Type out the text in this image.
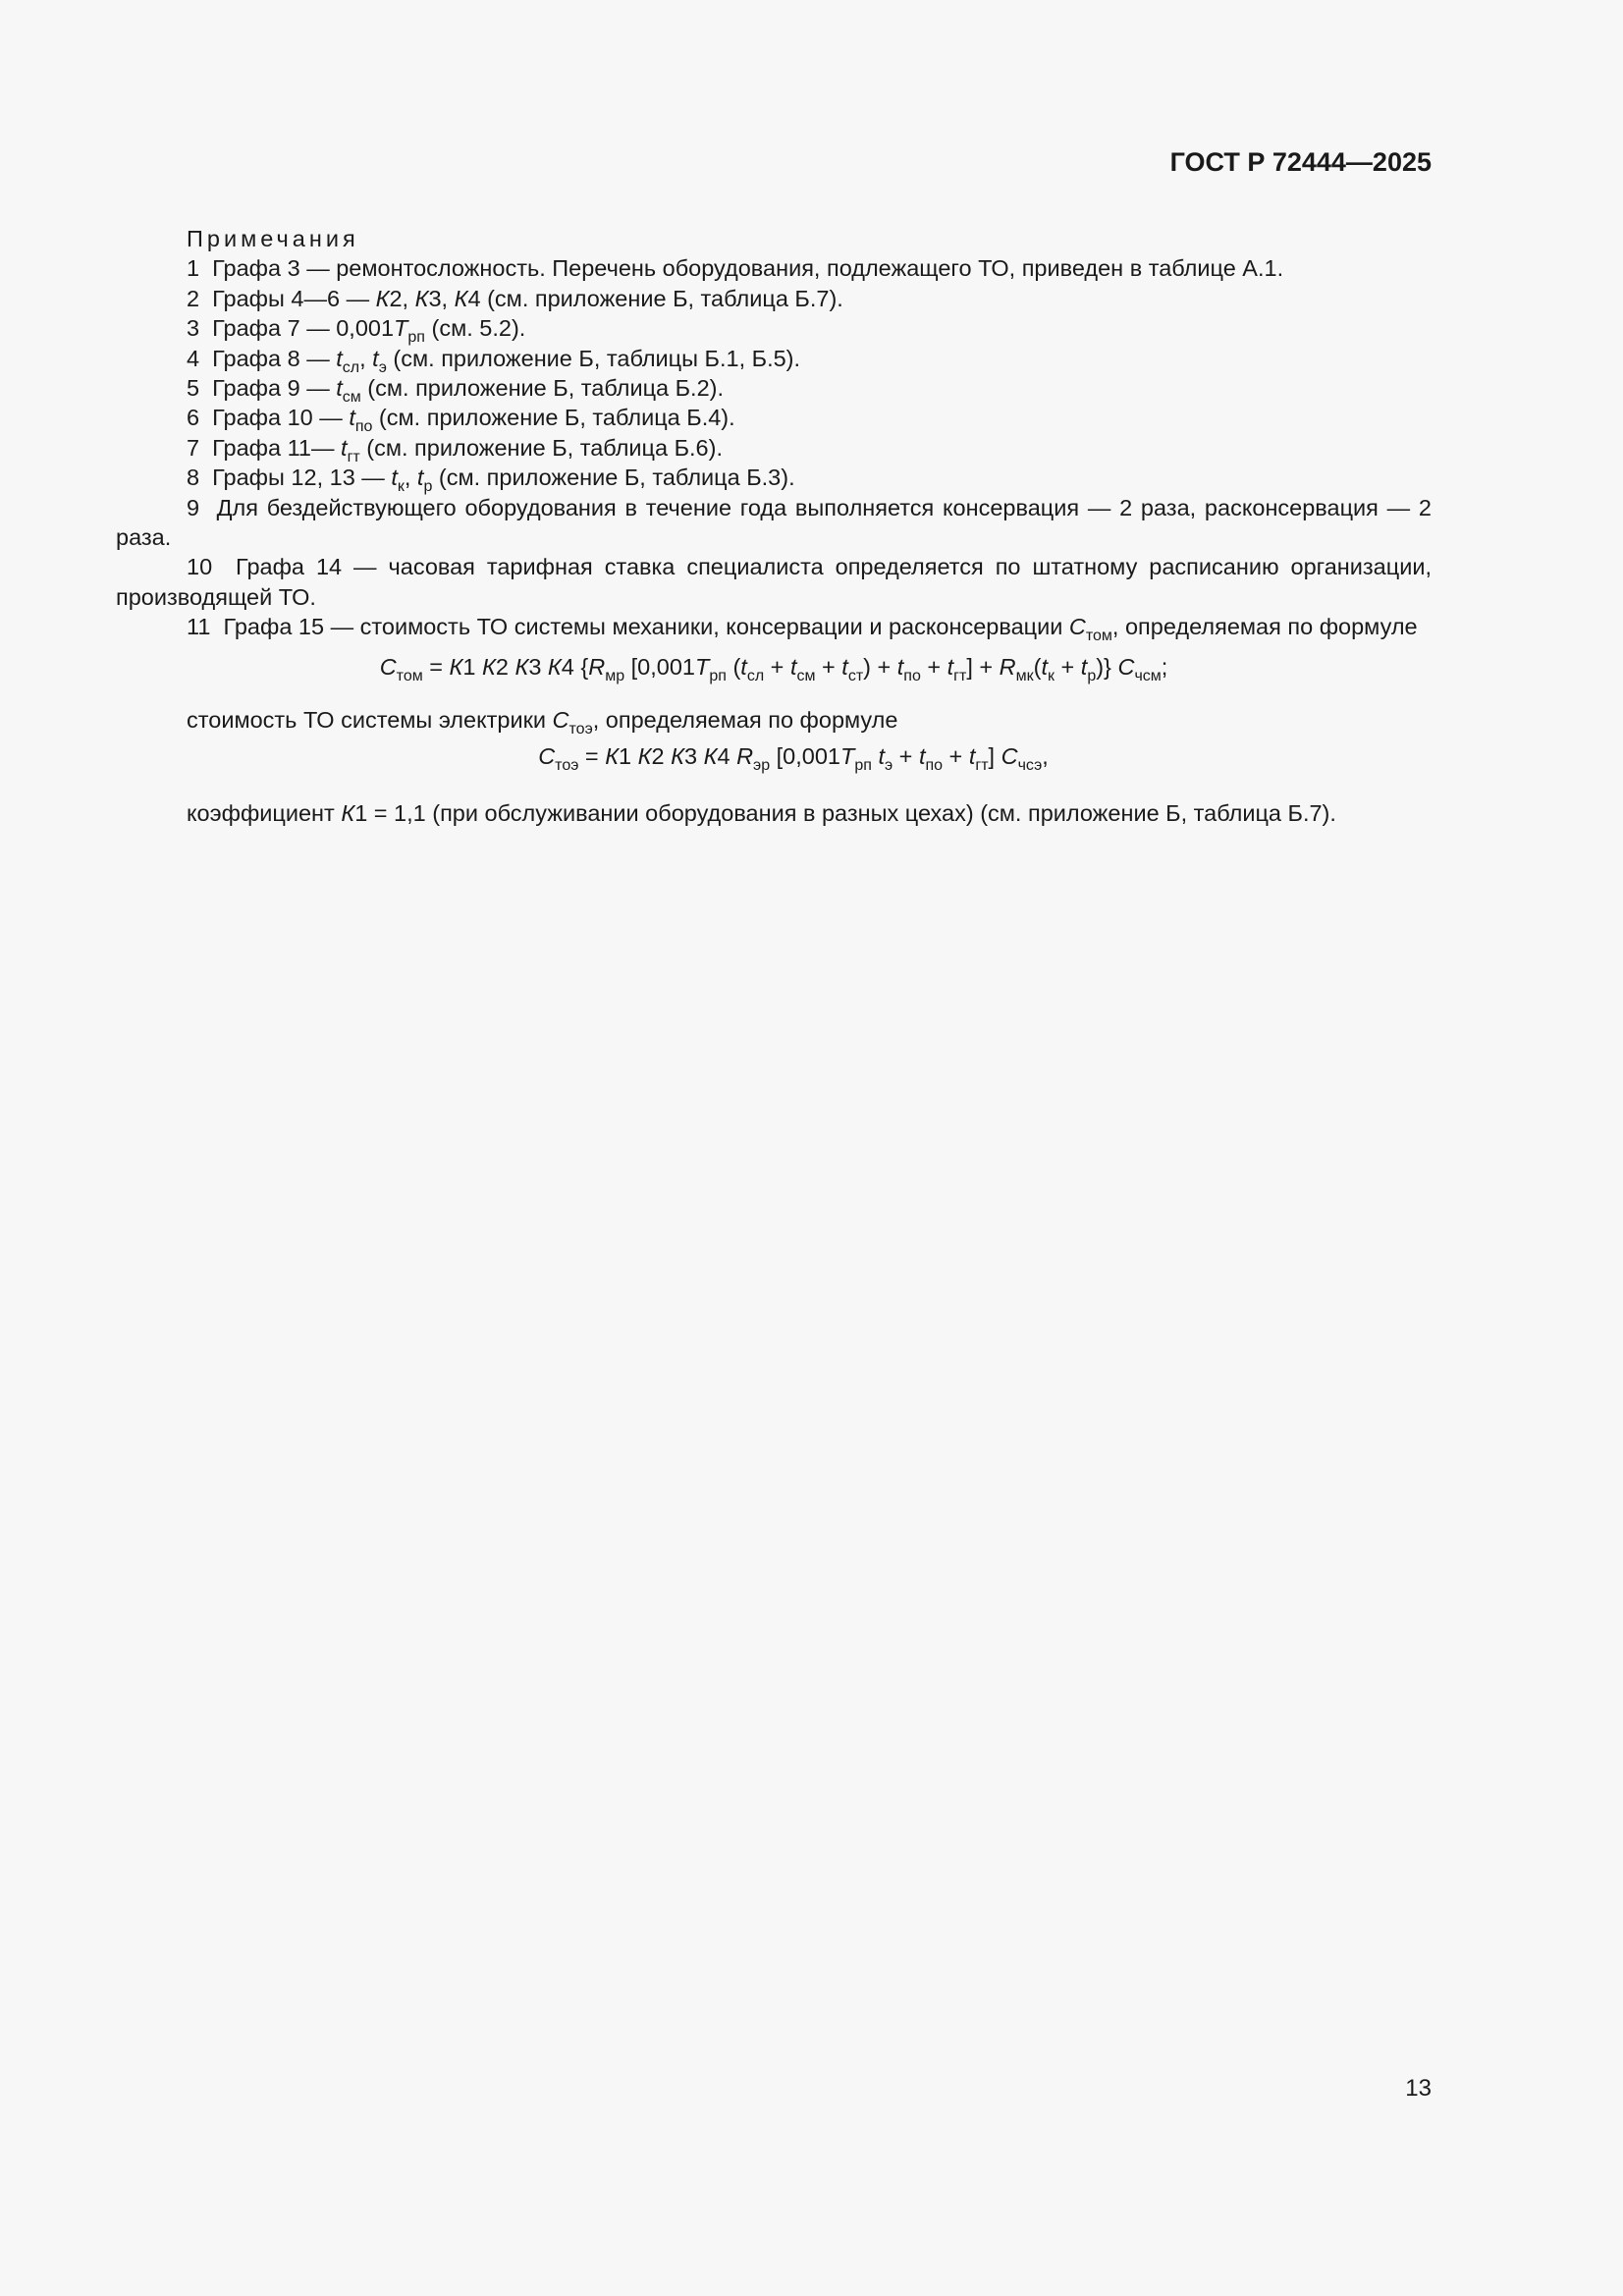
ГОСТ Р 72444—2025

Примечания

1  Графа 3 — ремонтосложность. Перечень оборудования, подлежащего ТО, приведен в таблице А.1.

2  Графы 4—6 — К2, К3, К4 (см. приложение Б, таблица Б.7).

3  Графа 7 — $0,001Т_{рп}$ (см. 5.2).

4  Графа 8 — $t_{сл}$, $t_э$ (см. приложение Б, таблицы Б.1, Б.5).

5  Графа 9 — $t_{см}$ (см. приложение Б, таблица Б.2).

6  Графа 10 — $t_{по}$ (см. приложение Б, таблица Б.4).

7  Графа 11— $t_{гт}$ (см. приложение Б, таблица Б.6).

8  Графы 12, 13 — $t_к$, $t_р$ (см. приложение Б, таблица Б.3).

9  Для бездействующего оборудования в течение года выполняется консервация — 2 раза, расконсервация — 2 раза.

10  Графа 14 — часовая тарифная ставка специалиста определяется по штатному расписанию организации, производящей ТО.

11  Графа 15 — стоимость ТО системы механики, консервации и расконсервации $С_{том}$, определяемая по формуле

$С_{том} = К1$ К2 К3 К4 {$R_{мр}$ [$0,001Т_{рп}$ $(t_{сл} + t_{см} + t_{ст}) + t_{по} + t_{гт}] + R_{мк}(t_к + t_р)$} $С_{чсм}$;

стоимость ТО системы электрики $С_{тоэ}$, определяемая по формуле

$С_{тоэ} = К1$ К2 К3 К4 $R_{эр}$ [$0,001Т_{рп}$ $t_э + t_{по} + t_{гт}$] $С_{чсэ}$,

коэффициент К1 = 1,1 (при обслуживании оборудования в разных цехах) (см. приложение Б, таблица Б.7).

13
